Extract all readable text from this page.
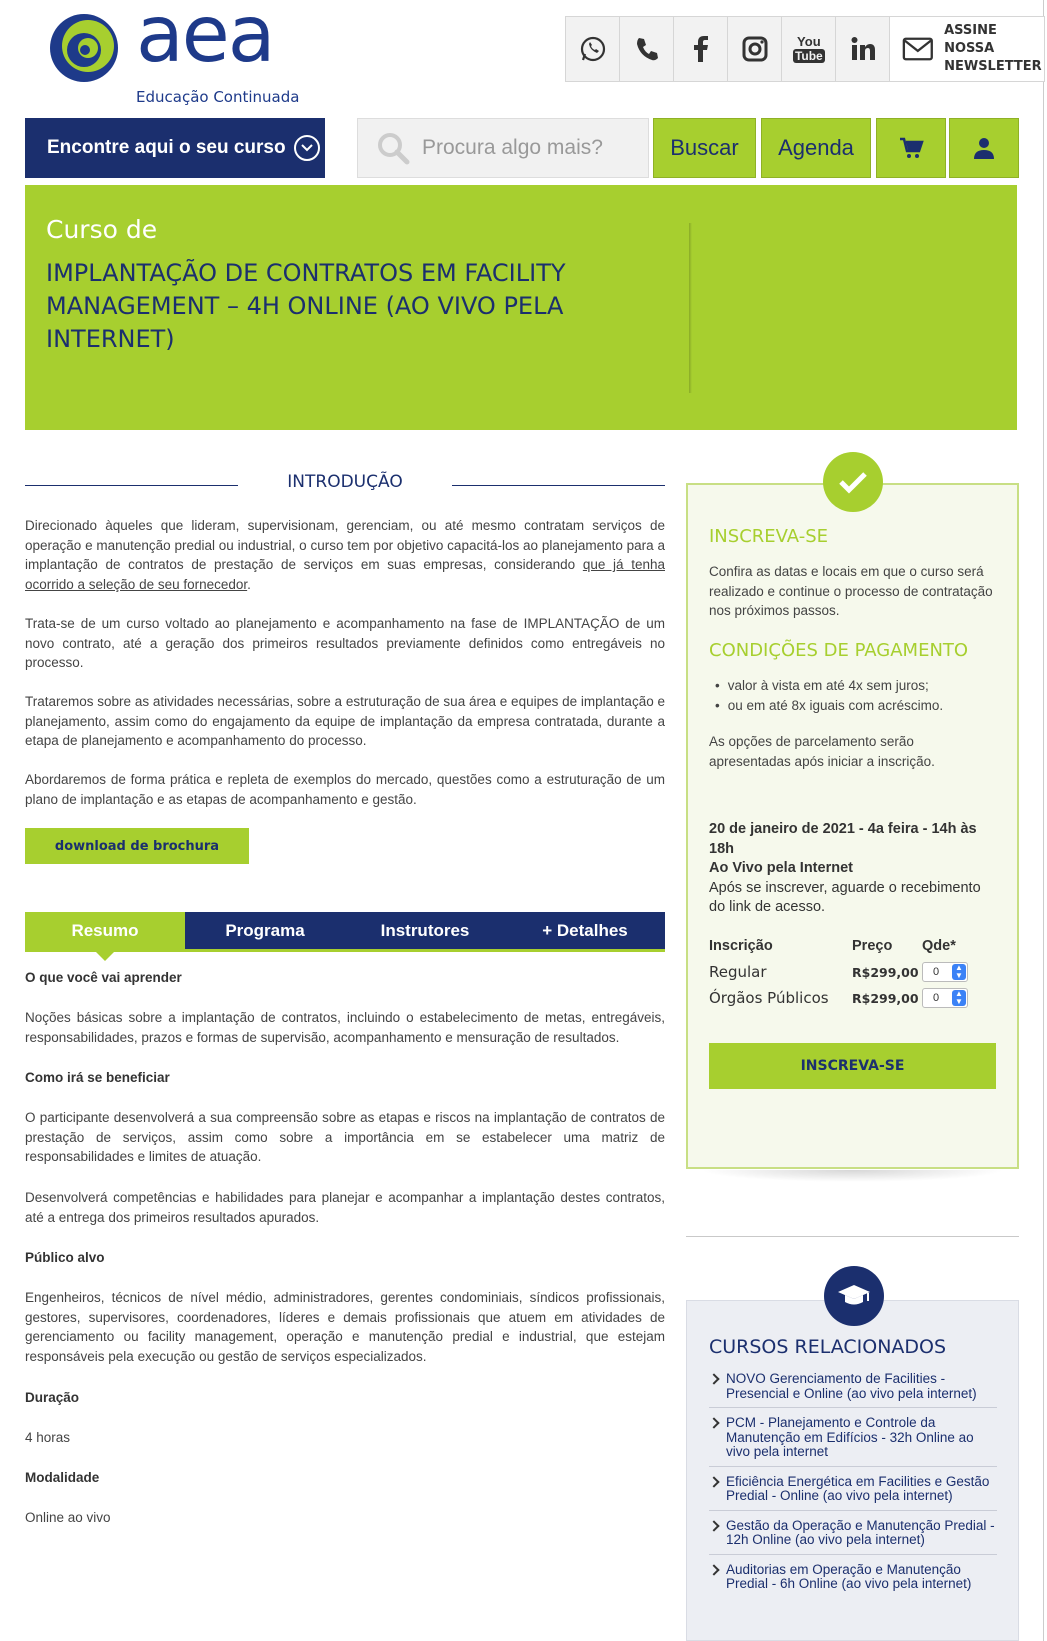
aea
Educação Continuada
You
Tube
ASSINE NOSSA
NEWSLETTER
Encontre aqui o seu curso
Procura algo mais?	Buscar	Agenda
Curso de
IMPLANTAÇÃO DE CONTRATOS EM FACILITY MANAGEMENT – 4H ONLINE (AO VIVO PELA INTERNET)
INTRODUÇÃO
Direcionado àqueles que lideram, supervisionam, gerenciam, ou até mesmo contratam serviços de operação e manutenção predial ou industrial, o curso tem por objetivo capacitá-los ao planejamento para a implantação de contratos de prestação de serviços em suas empresas, considerando que já tenha ocorrido a seleção de seu fornecedor.
Trata-se de um curso voltado ao planejamento e acompanhamento na fase de IMPLANTAÇÃO de um novo contrato, até a geração dos primeiros resultados previamente definidos como entregáveis no processo.
Trataremos sobre as atividades necessárias, sobre a estruturação de sua área e equipes de implantação e planejamento, assim como do engajamento da equipe de implantação da empresa contratada, durante a etapa de planejamento e acompanhamento do processo.
Abordaremos de forma prática e repleta de exemplos do mercado, questões como a estruturação de um plano de implantação e as etapas de acompanhamento e gestão.
download de brochura
Resumo	Programa	Instrutores	+ Detalhes
O que você vai aprender
Noções básicas sobre a implantação de contratos, incluindo o estabelecimento de metas, entregáveis, responsabilidades, prazos e formas de supervisão, acompanhamento e mensuração de resultados.
Como irá se beneficiar
O participante desenvolverá a sua compreensão sobre as etapas e riscos na implantação de contratos de prestação de serviços, assim como sobre a importância em se estabelecer uma matriz de responsabilidades e limites de atuação.
Desenvolverá competências e habilidades para planejar e acompanhar a implantação destes contratos, até a entrega dos primeiros resultados apurados.
Público alvo
Engenheiros, técnicos de nível médio, administradores, gerentes condominiais, síndicos profissionais, gestores, supervisores, coordenadores, líderes e demais profissionais que atuem em atividades de gerenciamento ou facility management, operação e manutenção predial e industrial, que estejam responsáveis pela execução ou gestão de serviços especializados.
Duração
4 horas
Modalidade
Online ao vivo
INSCREVA-SE
Confira as datas e locais em que o curso será realizado e continue o processo de contratação nos próximos passos.
CONDIÇÕES DE PAGAMENTO
• valor à vista em até 4x sem juros;
• ou em até 8x iguais com acréscimo.
As opções de parcelamento serão apresentadas após iniciar a inscrição.
20 de janeiro de 2021 - 4a feira - 14h às 18h
Ao Vivo pela Internet
Após se inscrever, aguarde o recebimento do link de acesso.
Inscrição	Preço	Qde*
Regular	R$299,00	0	▲
▼
Órgãos Públicos	R$299,00	0	▲
▼
INSCREVA-SE
CURSOS RELACIONADOS
NOVO Gerenciamento de Facilities - Presencial e Online (ao vivo pela internet)
PCM - Planejamento e Controle da Manutenção em Edifícios - 32h Online ao vivo pela internet
Eficiência Energética em Facilities e Gestão Predial - Online (ao vivo pela internet)
Gestão da Operação e Manutenção Predial - 12h Online (ao vivo pela internet)
Auditorias em Operação e Manutenção Predial - 6h Online (ao vivo pela internet)
